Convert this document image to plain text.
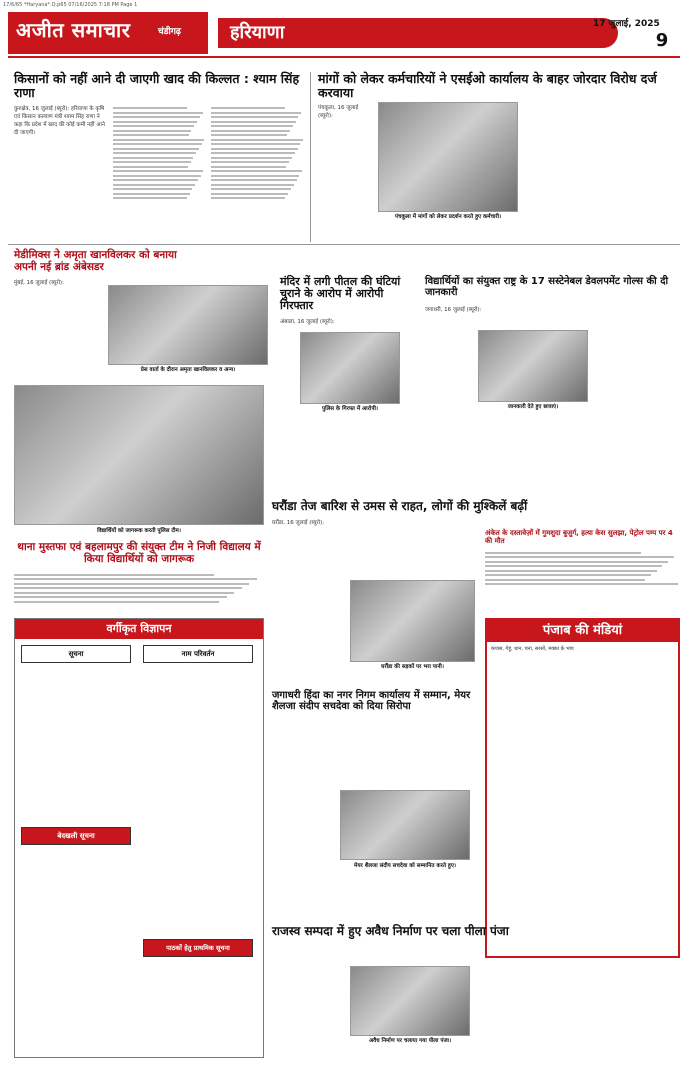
17/6/65 *Haryana*.Q.p65 07/16/2025 7:18 PM Page 1
अजीत समाचार	चंडीगढ़	हरियाणा	17 जुलाई, 2025
9
किसानों को नहीं आने दी जाएगी खाद की किल्लत : श्याम सिंह राणा
कुरुक्षेत्र, 16 जुलाई (ब्यूरो): हरियाणा के कृषि एवं किसान कल्याण मंत्री श्याम सिंह राणा ने कहा कि प्रदेश में खाद की कोई कमी नहीं आने दी जाएगी।
मांगों को लेकर कर्मचारियों ने एसईओ कार्यालय के बाहर जोरदार विरोध दर्ज करवाया
पंचकूला, 16 जुलाई (ब्यूरो):
पंचकूला में मांगों को लेकर प्रदर्शन करते हुए कर्मचारी।
मेडीमिक्स ने अमृता खानविलकर को बनाया अपनी नई ब्रांड अंबेसडर
मुंबई, 16 जुलाई (ब्यूरो):
प्रेस वार्ता के दौरान अमृता खानविलकर व अन्य।
मंदिर में लगी पीतल की घंटियां चुराने के आरोप में आरोपी गिरफ्तार
अंबाला, 16 जुलाई (ब्यूरो):
पुलिस के गिरफ्त में आरोपी।
विद्यार्थियों का संयुक्त राष्ट्र के 17 सस्टेनेबल डेवलपमेंट गोल्स की दी जानकारी
जगाधरी, 16 जुलाई (ब्यूरो):
जानकारी देते हुए छात्राएं।
विद्यार्थियों को जागरूक करती पुलिस टीम।
थाना मुस्तफा एवं बहलामपुर की संयुक्त टीम ने निजी विद्यालय में किया विद्यार्थियों को जागरूक
घरौंडा तेज बारिश से उमस से राहत, लोगों की मुश्किलें बढ़ीं
घरौंडा, 16 जुलाई (ब्यूरो):
घरौंडा की सड़कों पर भरा पानी।
अंकेत के दस्तावेज़ों में गुमशुदा बुजुर्ग, हत्या केस सुलझा, पेट्रोल पम्प पर 4 की मौत
पंजाब की मंडियां
कपास, गेहूं, धान, चना, सरसों, मक्का के भाव
वर्गीकृत विज्ञापन
सूचना	नाम परिवर्तन
बेदखली सूचना
पाठकों हेतु प्राथमिक सूचना
जगाधरी हिंदा का नगर निगम कार्यालय में सम्मान, मेयर शैलजा संदीप सचदेवा को दिया सिरोपा
मेयर शैलजा संदीप सचदेवा को सम्मानित करते हुए।
राजस्व सम्पदा में हुए अवैध निर्माण पर चला पीला पंजा
अवैध निर्माण पर चलाया गया पीला पंजा।
